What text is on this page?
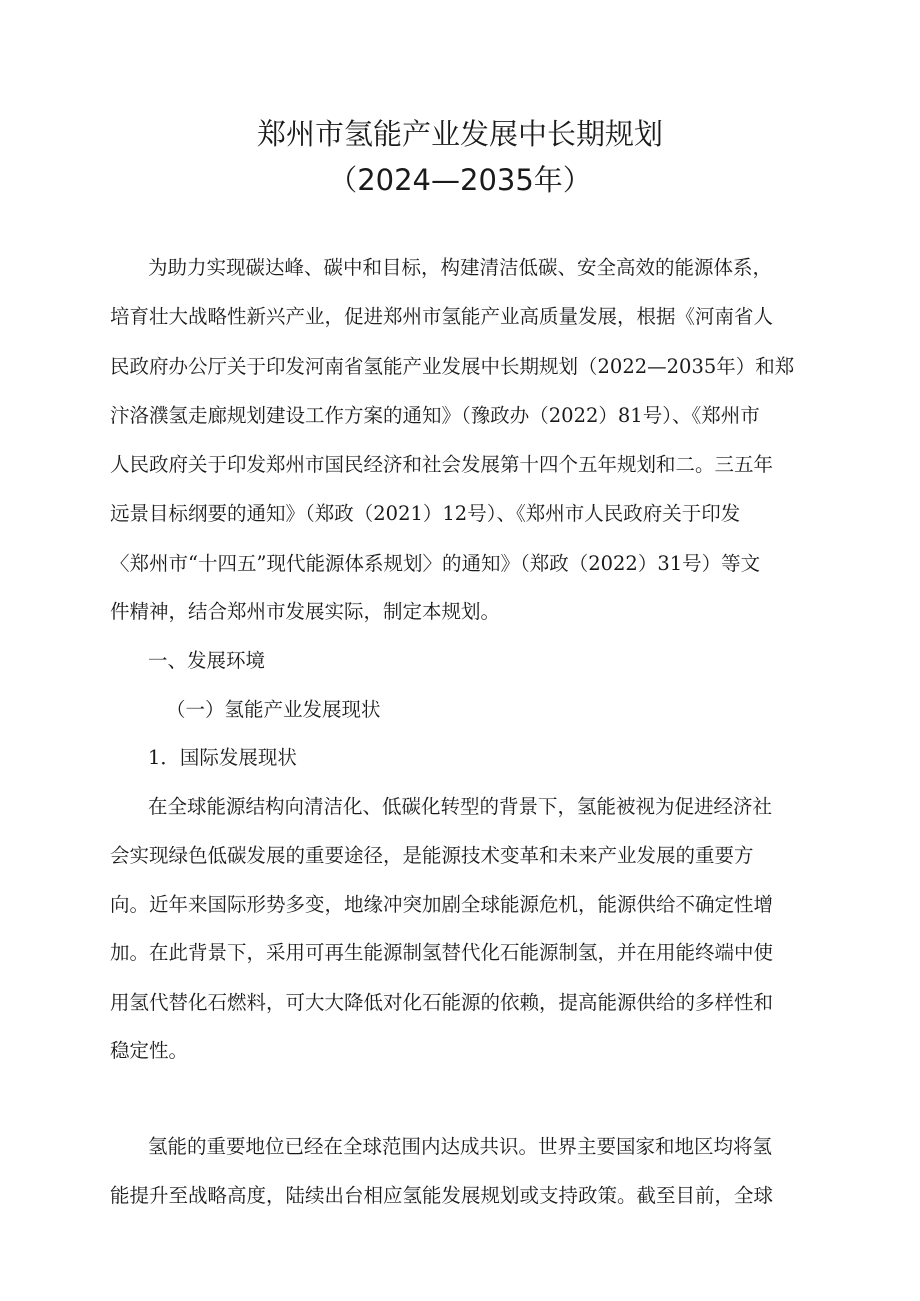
郑州市氢能产业发展中长期规划
（2024—2035年）

为助力实现碳达峰、碳中和目标，构建清洁低碳、安全高效的能源体系，

培育壮大战略性新兴产业，促进郑州市氢能产业高质量发展，根据《河南省人

民政府办公厅关于印发河南省氢能产业发展中长期规划（2022—2035年）和郑

汴洛濮氢走廊规划建设工作方案的通知》（豫政办（2022）81号）、《郑州市

人民政府关于印发郑州市国民经济和社会发展第十四个五年规划和二。三五年

远景目标纲要的通知》（郑政（2021）12号）、《郑州市人民政府关于印发

〈郑州市“十四五”现代能源体系规划〉的通知》（郑政（2022）31号）等文

件精神，结合郑州市发展实际，制定本规划。

一、发展环境

（一）氢能产业发展现状

1．国际发展现状

在全球能源结构向清洁化、低碳化转型的背景下，氢能被视为促进经济社

会实现绿色低碳发展的重要途径，是能源技术变革和未来产业发展的重要方

向。近年来国际形势多变，地缘冲突加剧全球能源危机，能源供给不确定性增

加。在此背景下，采用可再生能源制氢替代化石能源制氢，并在用能终端中使

用氢代替化石燃料，可大大降低对化石能源的依赖，提高能源供给的多样性和

稳定性。

氢能的重要地位已经在全球范围内达成共识。世界主要国家和地区均将氢

能提升至战略高度，陆续出台相应氢能发展规划或支持政策。截至目前，全球
